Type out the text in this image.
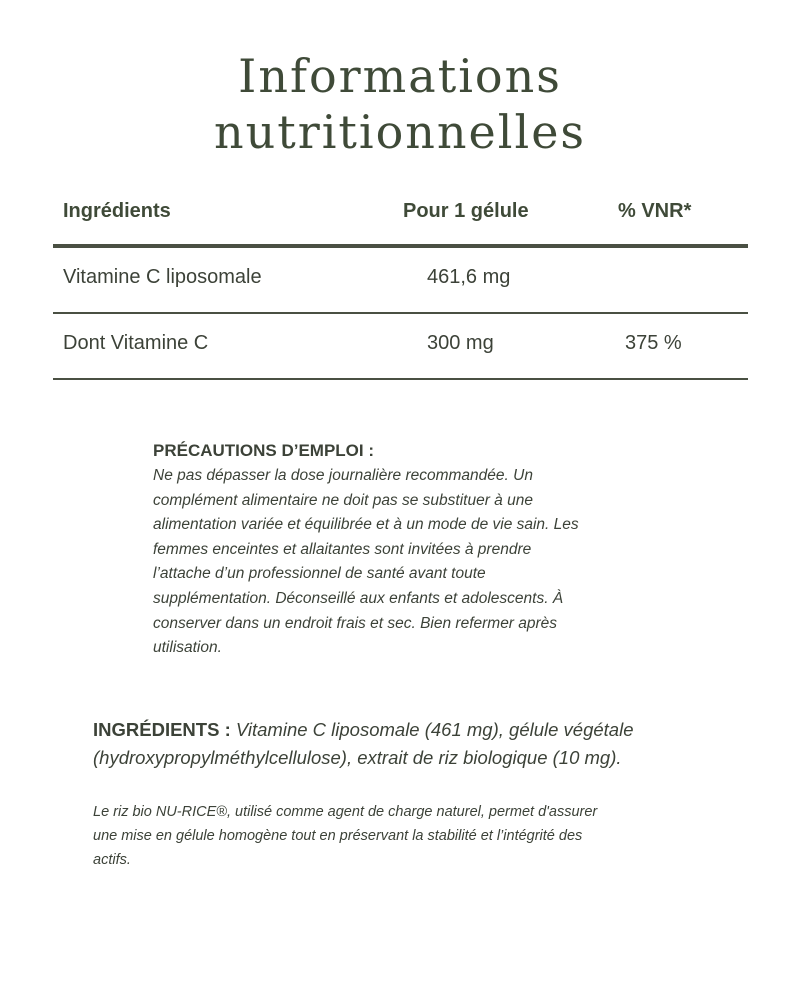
Informations
nutritionnelles
Ingrédients	Pour 1 gélule	% VNR*
Vitamine C liposomale	461,6 mg
Dont Vitamine C	300 mg	375 %
PRÉCAUTIONS D’EMPLOI :
Ne pas dépasser la dose journalière recommandée. Un
complément alimentaire ne doit pas se substituer à une
alimentation variée et équilibrée et à un mode de vie sain. Les
femmes enceintes et allaitantes sont invitées à prendre
l’attache d’un professionnel de santé avant toute
supplémentation. Déconseillé aux enfants et adolescents. À
conserver dans un endroit frais et sec. Bien refermer après
utilisation.
INGRÉDIENTS : Vitamine C liposomale (461 mg), gélule végétale
(hydroxypropylméthylcellulose), extrait de riz biologique (10 mg).
Le riz bio NU-RICE®, utilisé comme agent de charge naturel, permet d'assurer
une mise en gélule homogène tout en préservant la stabilité et l’intégrité des
actifs.
